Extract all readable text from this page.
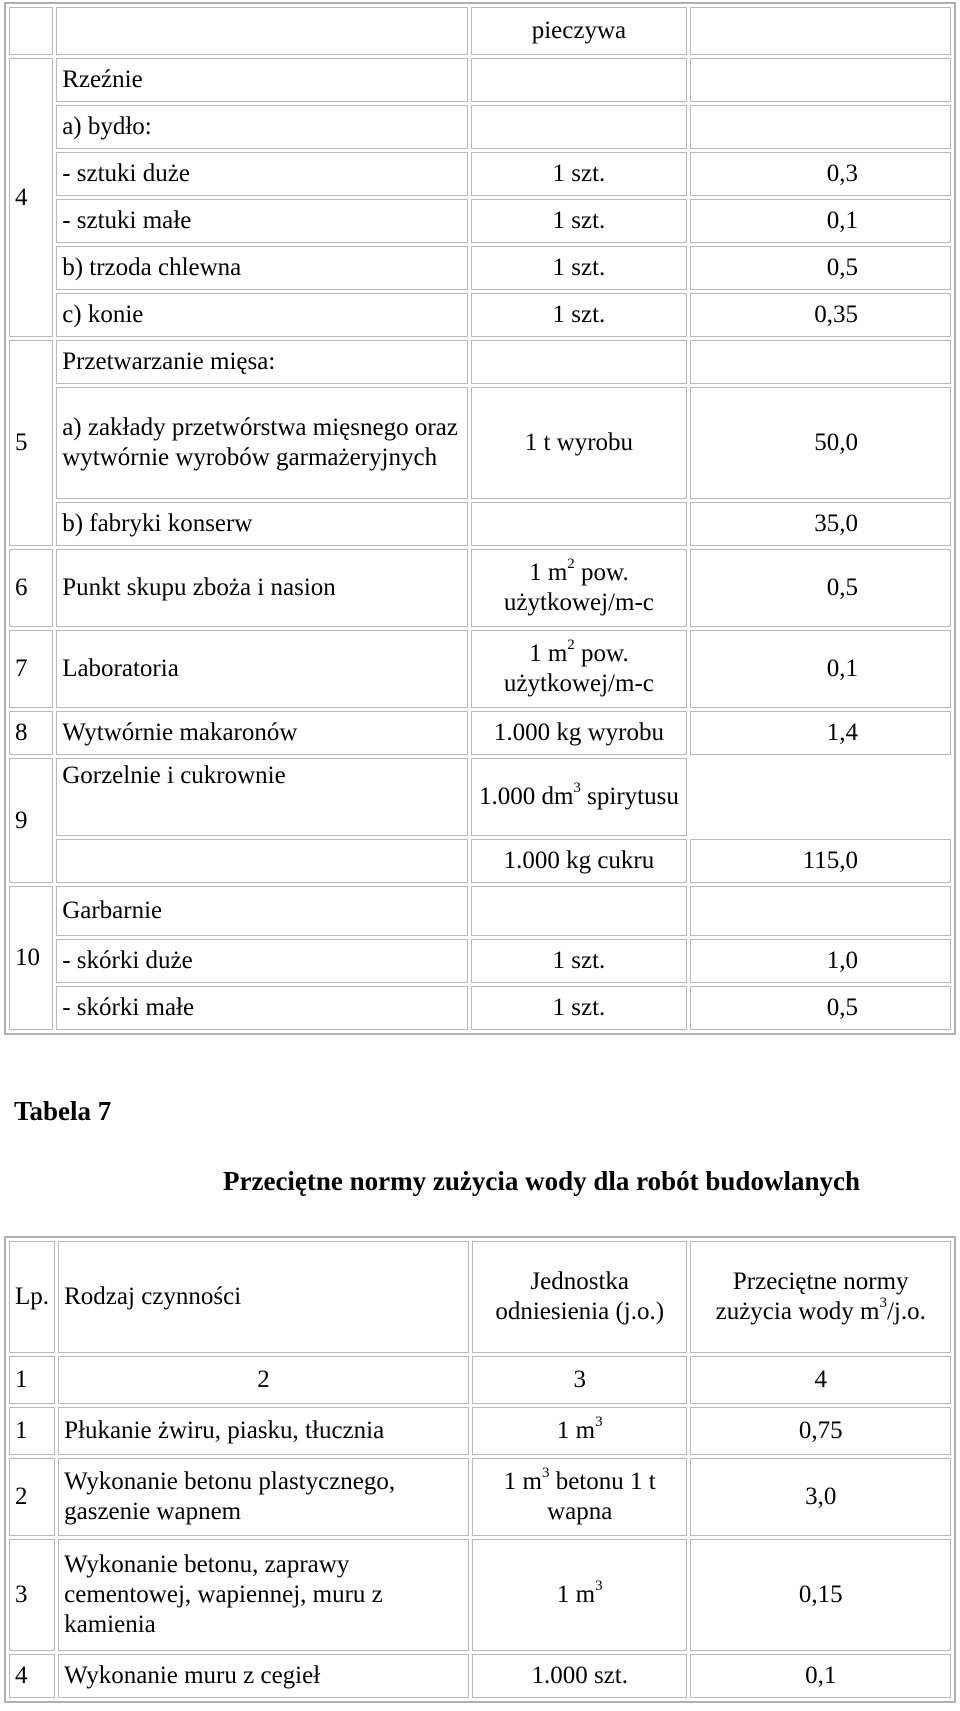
		pieczywa	
4	Rzeźnie		
	a) bydło:		
	- sztuki duże	1 szt.	0,3
	- sztuki małe	1 szt.	0,1
	b) trzoda chlewna	1 szt.	0,5
	c) konie	1 szt.	0,35
5	Przetwarzanie mięsa:		
	a) zakłady przetwórstwa mięsnego oraz wytwórnie wyrobów garmażeryjnych	1 t wyrobu	50,0
	b) fabryki konserw		35,0
6	Punkt skupu zboża i nasion	1 $m^2$ pow. użytkowej/m-c	0,5
7	Laboratoria	1 $m^2$ pow. użytkowej/m-c	0,1
8	Wytwórnie makaronów	1.000 kg wyrobu	1,4
9	Gorzelnie i cukrownie	1.000 $dm^3$ spirytusu	
		1.000 kg cukru	115,0
10	Garbarnie		
	- skórki duże	1 szt.	1,0
	- skórki małe	1 szt.	0,5
Tabela 7
Przeciętne normy zużycia wody dla robót budowlanych
Lp.	Rodzaj czynności	Jednostka odniesienia (j.o.)	Przeciętne normy zużycia wody $m^3/j.o$.
1	2	3	4
1	Płukanie żwiru, piasku, tłucznia	1 $m^3$	0,75
2	Wykonanie betonu plastycznego, gaszenie wapnem	1 $m^3$ betonu 1 t wapna	3,0
3	Wykonanie betonu, zaprawy cementowej, wapiennej, muru z kamienia	1 $m^3$	0,15
4	Wykonanie muru z cegieł	1.000 szt.	0,1
